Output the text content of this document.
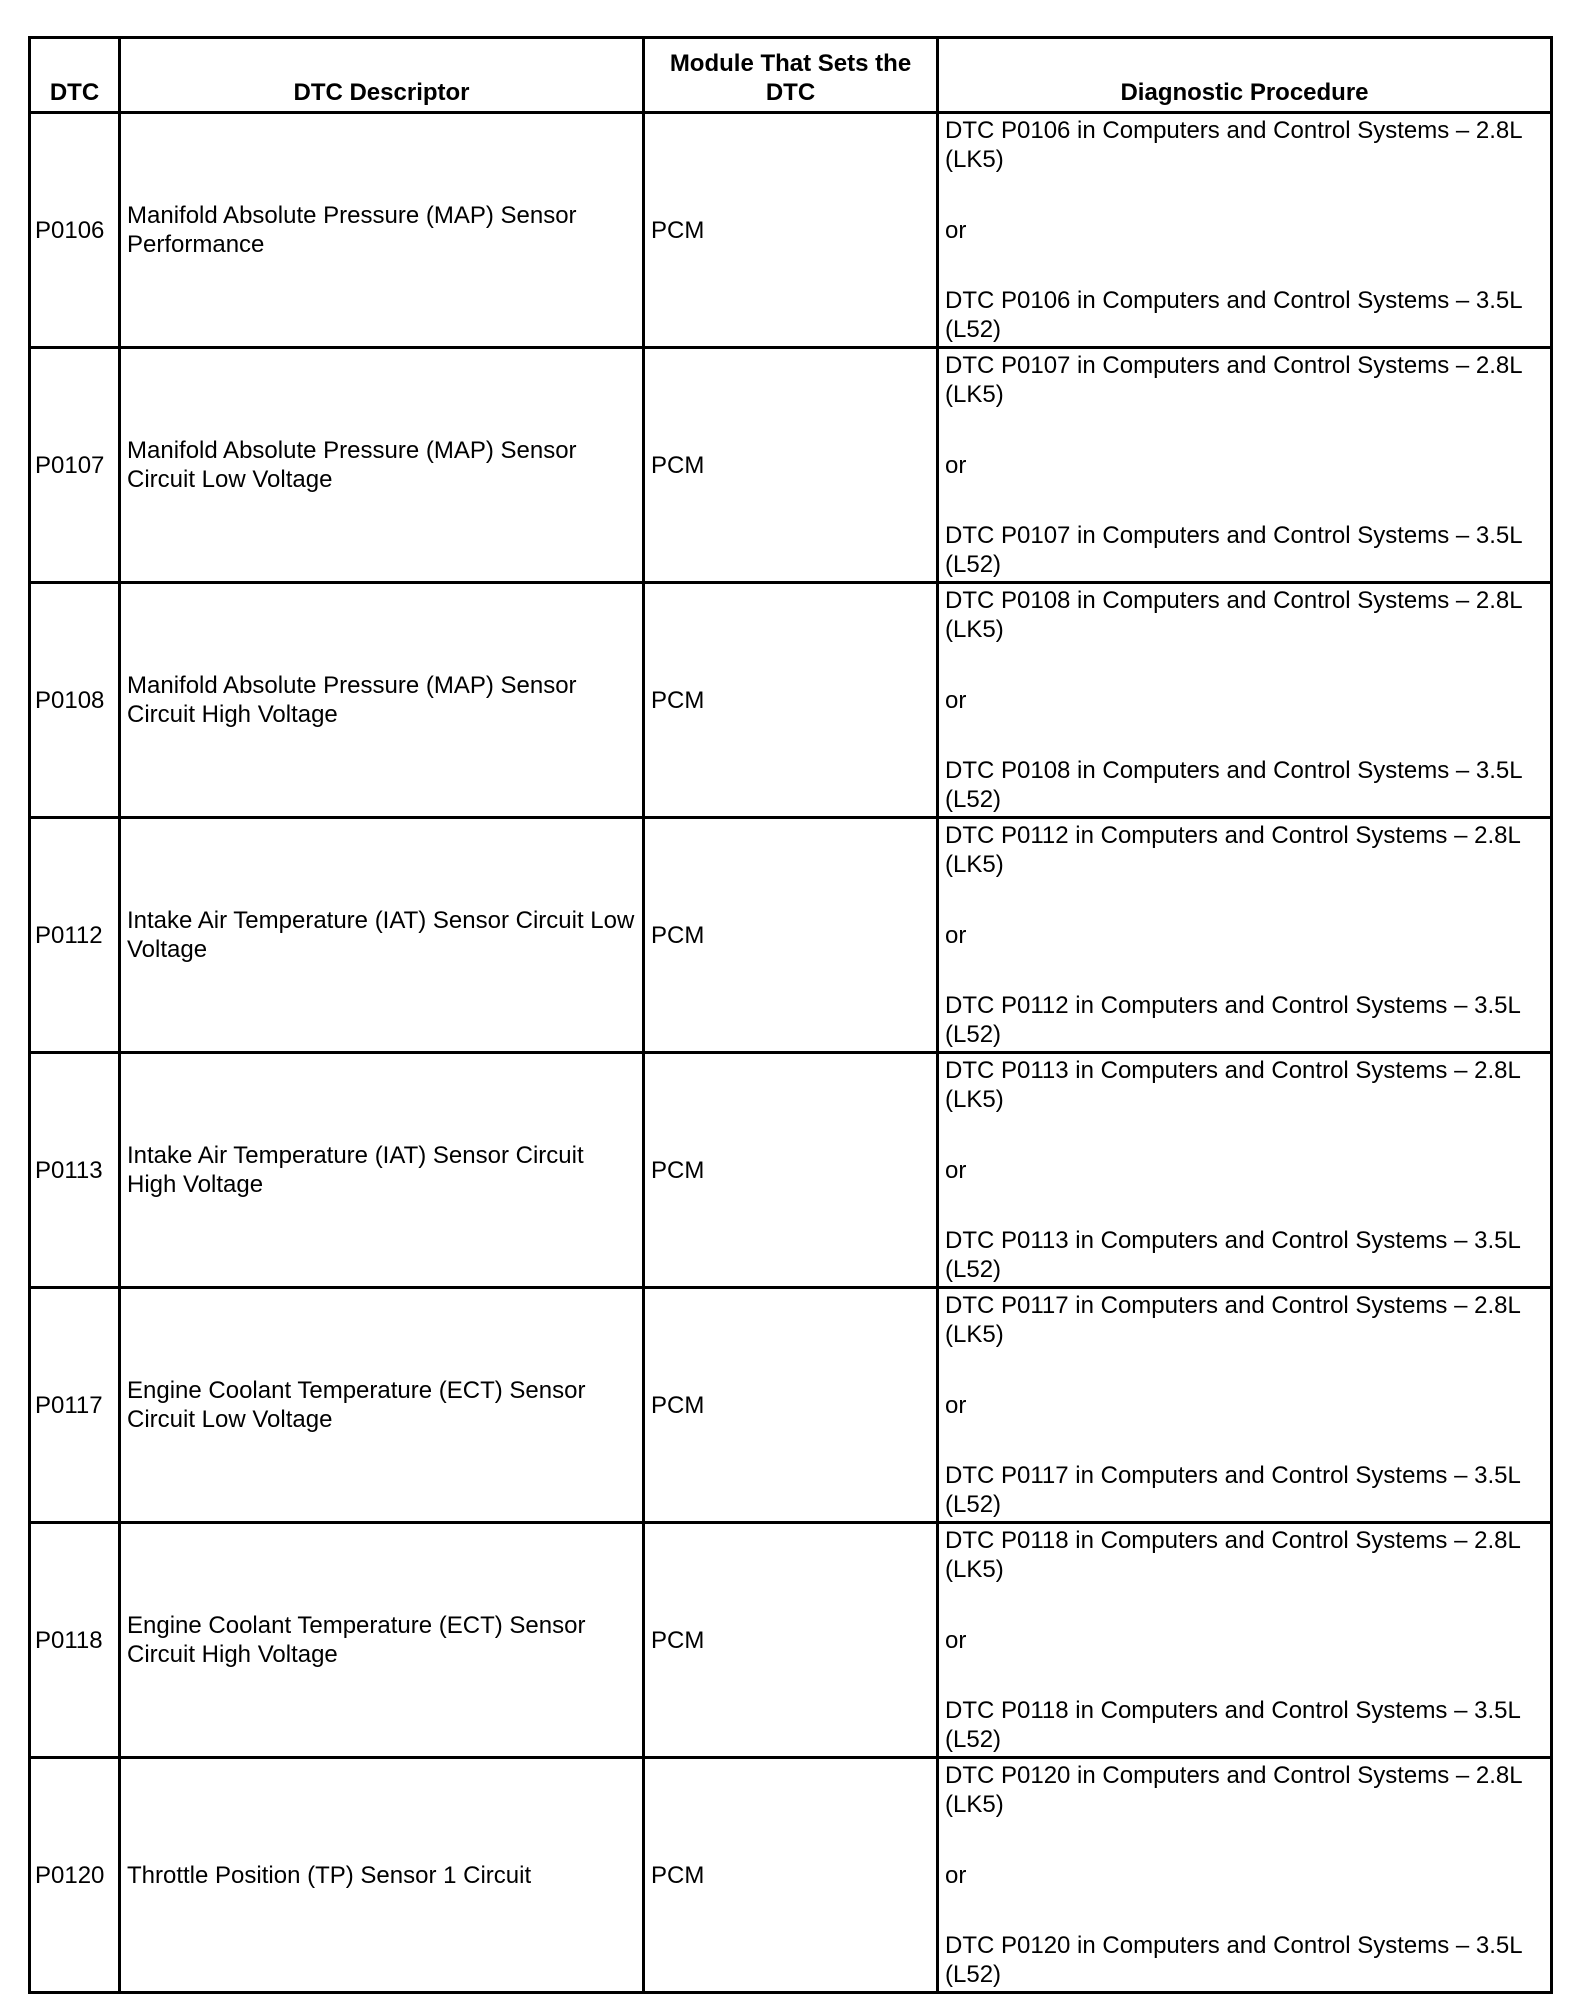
DTC	DTC Descriptor	Module That Sets the DTC	Diagnostic Procedure
P0106	Manifold Absolute Pressure (MAP) Sensor Performance	PCM	DTC P0106 in Computers and Control Systems – 2.8L (LK5)
or
DTC P0106 in Computers and Control Systems – 3.5L (L52)

P0107	Manifold Absolute Pressure (MAP) Sensor Circuit Low Voltage	PCM	DTC P0107 in Computers and Control Systems – 2.8L (LK5)
or
DTC P0107 in Computers and Control Systems – 3.5L (L52)

P0108	Manifold Absolute Pressure (MAP) Sensor Circuit High Voltage	PCM	DTC P0108 in Computers and Control Systems – 2.8L (LK5)
or
DTC P0108 in Computers and Control Systems – 3.5L (L52)

P0112	Intake Air Temperature (IAT) Sensor Circuit Low Voltage	PCM	DTC P0112 in Computers and Control Systems – 2.8L (LK5)
or
DTC P0112 in Computers and Control Systems – 3.5L (L52)

P0113	Intake Air Temperature (IAT) Sensor Circuit High Voltage	PCM	DTC P0113 in Computers and Control Systems – 2.8L (LK5)
or
DTC P0113 in Computers and Control Systems – 3.5L (L52)

P0117	Engine Coolant Temperature (ECT) Sensor Circuit Low Voltage	PCM	DTC P0117 in Computers and Control Systems – 2.8L (LK5)
or
DTC P0117 in Computers and Control Systems – 3.5L (L52)

P0118	Engine Coolant Temperature (ECT) Sensor Circuit High Voltage	PCM	DTC P0118 in Computers and Control Systems – 2.8L (LK5)
or
DTC P0118 in Computers and Control Systems – 3.5L (L52)

P0120	Throttle Position (TP) Sensor 1 Circuit	PCM	DTC P0120 in Computers and Control Systems – 2.8L (LK5)
or
DTC P0120 in Computers and Control Systems – 3.5L (L52)
